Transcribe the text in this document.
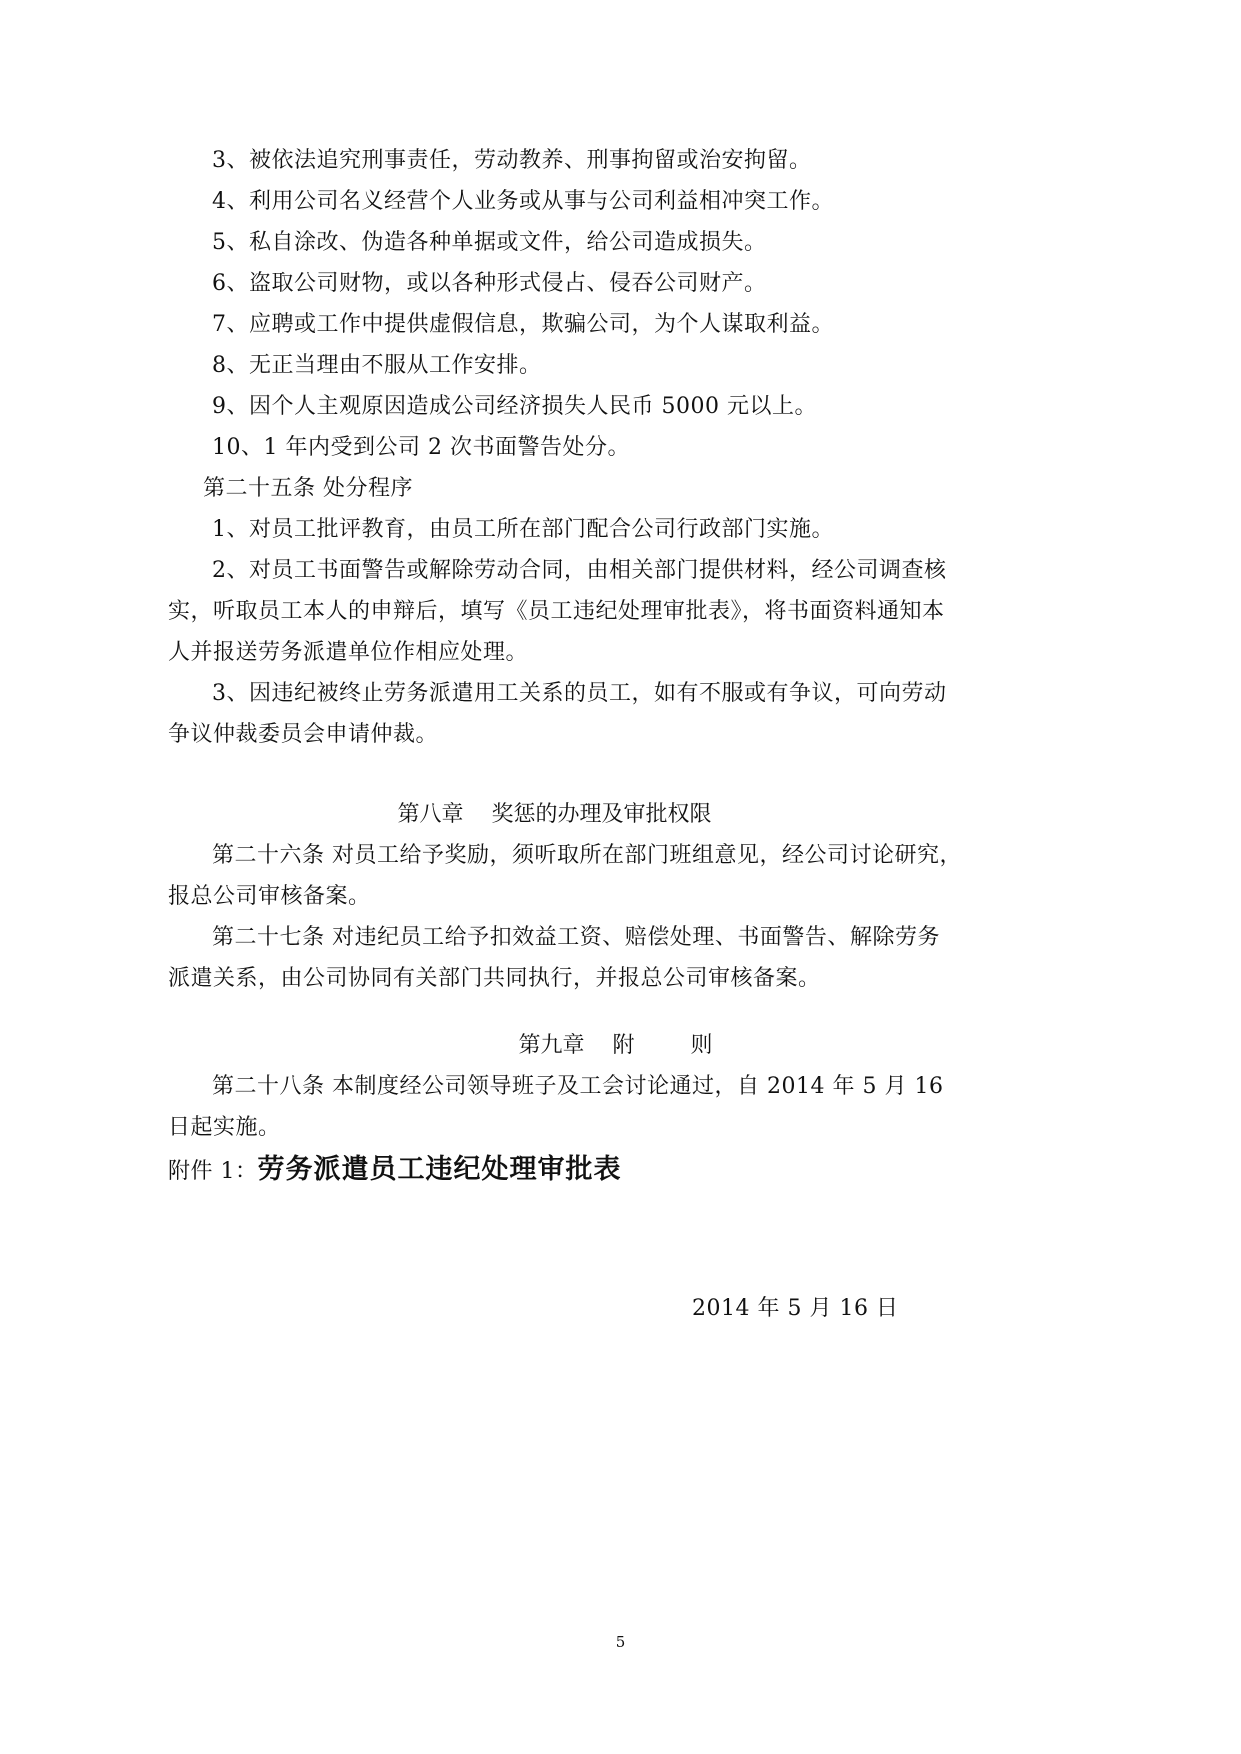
3、被依法追究刑事责任，劳动教养、刑事拘留或治安拘留。
4、利用公司名义经营个人业务或从事与公司利益相冲突工作。
5、私自涂改、伪造各种单据或文件，给公司造成损失。
6、盗取公司财物，或以各种形式侵占、侵吞公司财产。
7、应聘或工作中提供虚假信息，欺骗公司，为个人谋取利益。
8、无正当理由不服从工作安排。
9、因个人主观原因造成公司经济损失人民币 5000 元以上。
10、1 年内受到公司 2 次书面警告处分。
第二十五条 处分程序
1、对员工批评教育，由员工所在部门配合公司行政部门实施。
2、对员工书面警告或解除劳动合同，由相关部门提供材料，经公司调查核
实，听取员工本人的申辩后，填写《员工违纪处理审批表》，将书面资料通知本
人并报送劳务派遣单位作相应处理。
3、因违纪被终止劳务派遣用工关系的员工，如有不服或有争议，可向劳动
争议仲裁委员会申请仲裁。
第八章    奖惩的办理及审批权限
第二十六条 对员工给予奖励，须听取所在部门班组意见，经公司讨论研究，
报总公司审核备案。
第二十七条 对违纪员工给予扣效益工资、赔偿处理、书面警告、解除劳务
派遣关系，由公司协同有关部门共同执行，并报总公司审核备案。
第九章    附        则
第二十八条 本制度经公司领导班子及工会讨论通过，自 2014 年 5 月 16
日起实施。
附件 1：劳务派遣员工违纪处理审批表
2014 年 5 月 16 日
5
